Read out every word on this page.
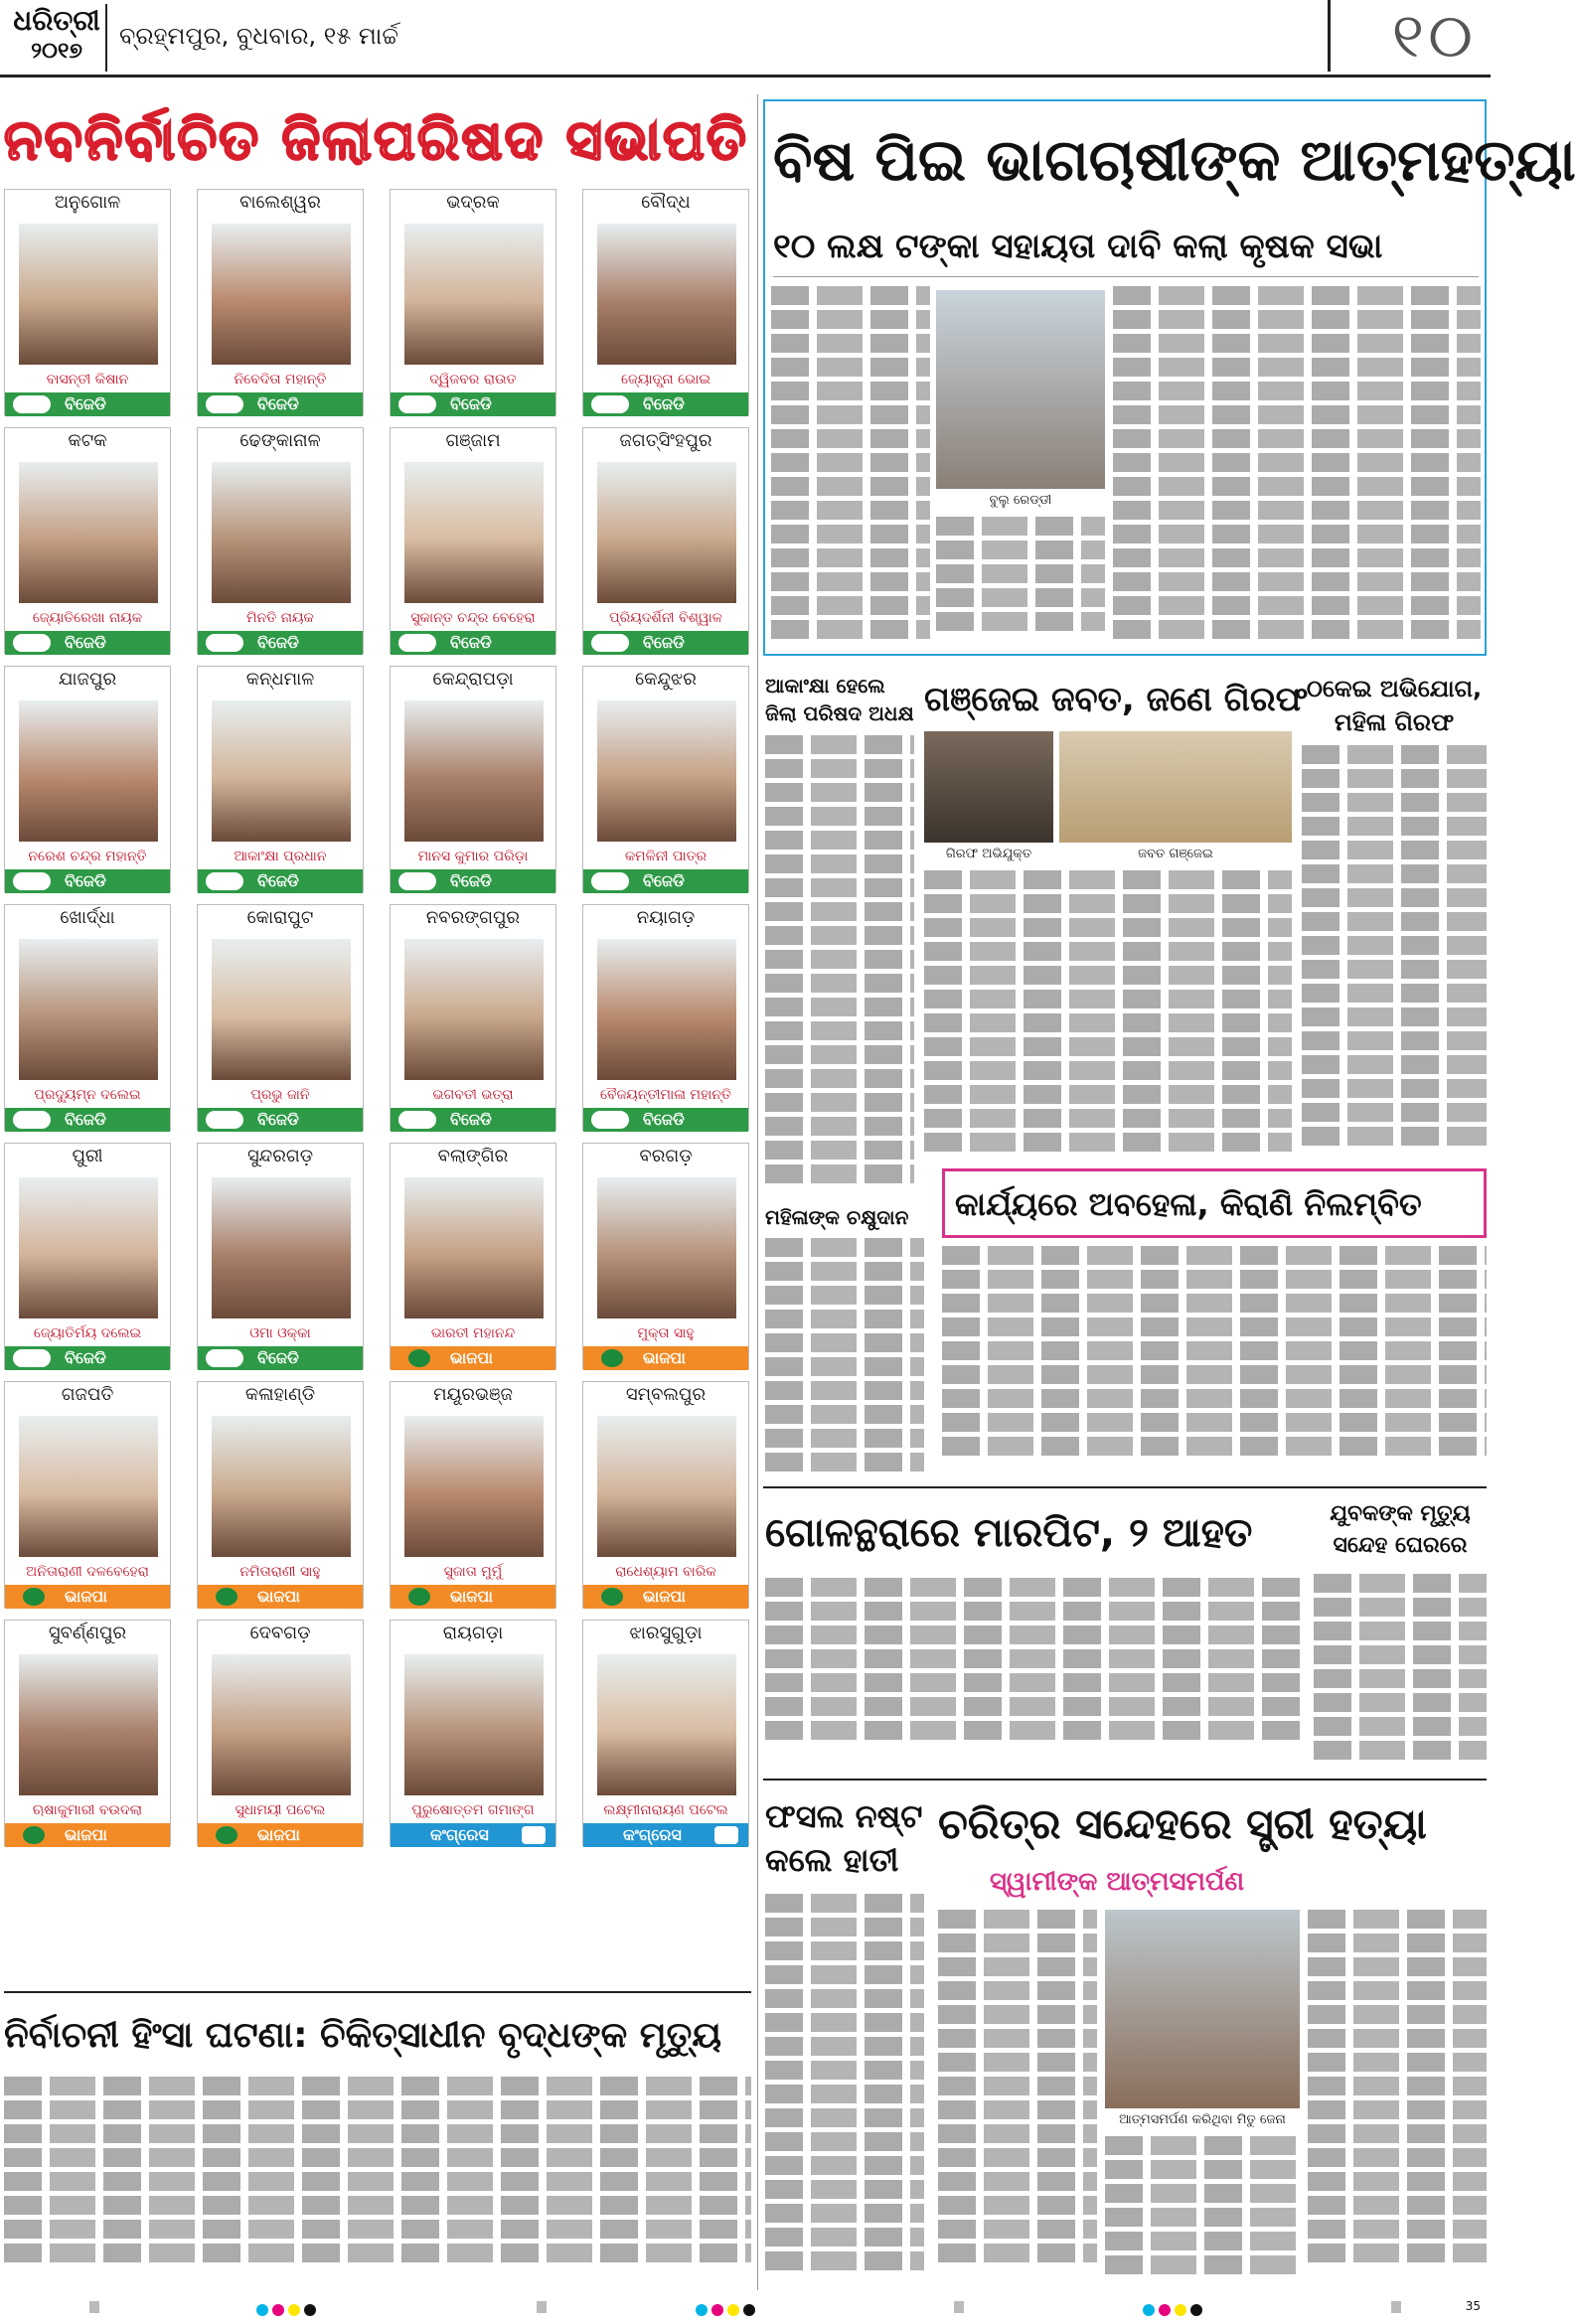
ଧରିତ୍ରୀ
୨୦୧୭
ବ୍ରହ୍ମପୁର, ବୁଧବାର, ୧୫ ମାର୍ଚ୍ଚ	୧୦
ନବନିର୍ବାଚିତ ଜିଲାପରିଷଦ ସଭାପତି
ଅନୁଗୋଳ
ବାସନ୍ତୀ କିଷାନ
ବିଜେଡି
ବାଲେଶ୍ୱର
ନିବେଦିତା ମହାନ୍ତି
ବିଜେଡି
ଭଦ୍ରକ
ଦ୍ୱିଜବର ରାଉତ
ବିଜେଡି
ବୌଦ୍ଧ
ଜ୍ୟୋତ୍ସ୍ନା ଭୋଇ
ବିଜେଡି
କଟକ
ଜ୍ୟୋତିରେଖା ନାୟକ
ବିଜେଡି
ଢେଙ୍କାନାଳ
ମିନତି ନାୟକ
ବିଜେଡି
ଗଞ୍ଜାମ
ସୁକାନ୍ତ ଚନ୍ଦ୍ର ବେହେରା
ବିଜେଡି
ଜଗତ୍‌ସିଂହପୁର
ପ୍ରିୟଦର୍ଶିନୀ ବିଶ୍ୱାଳ
ବିଜେଡି
ଯାଜପୁର
ନରେଶ ଚନ୍ଦ୍ର ମହାନ୍ତି
ବିଜେଡି
କନ୍ଧମାଳ
ଆକାଂକ୍ଷା ପ୍ରଧାନ
ବିଜେଡି
କେନ୍ଦ୍ରାପଡ଼ା
ମାନସ କୁମାର ପରିଡ଼ା
ବିଜେଡି
କେନ୍ଦୁଝର
କମଳିନୀ ପାତ୍ର
ବିଜେଡି
ଖୋର୍ଦ୍ଧା
ପ୍ରଦ୍ୟୁମ୍ନ ଦଲେଇ
ବିଜେଡି
କୋରାପୁଟ
ପ୍ରଭୁ ଜାନି
ବିଜେଡି
ନବରଙ୍ଗପୁର
ଭଗବତୀ ଭତ୍ରା
ବିଜେଡି
ନୟାଗଡ଼
ବୈଜୟନ୍ତୀମାଳା ମହାନ୍ତି
ବିଜେଡି
ପୁରୀ
ଜ୍ୟୋତିର୍ମୟ ଦଲେଇ
ବିଜେଡି
ସୁନ୍ଦରଗଡ଼
ଓମା ଓକ୍କା
ବିଜେଡି
ବଲାଙ୍ଗିର
ଭାରତୀ ମହାନନ୍ଦ
ଭାଜପା
ବରଗଡ଼
ମୁକ୍ତା ସାହୁ
ଭାଜପା
ଗଜପତି
ଅନିତାରାଣୀ ଦଳବେହେରା
ଭାଜପା
କଳାହାଣ୍ଡି
ନମିତାରାଣୀ ସାହୁ
ଭାଜପା
ମୟୂରଭଞ୍ଜ
ସୁଜାତା ମୁର୍ମୁ
ଭାଜପା
ସମ୍ବଲପୁର
ରାଧେଶ୍ୟାମ ବାରିକ
ଭାଜପା
ସୁବର୍ଣ୍ଣପୁର
ଋଷାକୁମାରୀ ବଉଦଲା
ଭାଜପା
ଦେବଗଡ଼
ସୁଧାମୟୀ ପଟେଲ
ଭାଜପା
ରାୟଗଡ଼ା
ପୁରୁଷୋତ୍ତମ ଗମାଙ୍ଗ
କଂଗ୍ରେସ
ଝାରସୁଗୁଡ଼ା
ଲକ୍ଷ୍ମୀନାରାୟଣ ପଟେଲ
କଂଗ୍ରେସ
ନିର୍ବାଚନୀ ହିଂସା ଘଟଣା: ଚିକିତ୍ସାଧୀନ ବୃଦ୍ଧଙ୍କ ମୃତ୍ୟୁ
ବିଷ ପିଇ ଭାଗଚାଷୀଙ୍କ ଆତ୍ମହତ୍ୟା
୧୦ ଲକ୍ଷ ଟଙ୍କା ସହାୟତା ଦାବି କଲା କୃଷକ ସଭା
ବୁଲୁ ରେଡ୍ଡୀ
ଆକାଂକ୍ଷା ହେଲେ ଜିଲା ପରିଷଦ ଅଧକ୍ଷ ଗଞ୍ଜେଇ ଜବତ, ଜଣେ ଗିରଫ
ଗିରଫ ଅଭିଯୁକ୍ତ	ଜବତ ଗଞ୍ଜେଇ
ଠକେଇ ଅଭିଯୋଗ, ମହିଳା ଗିରଫ
ମହିଳାଙ୍କ ଚକ୍ଷୁଦାନ	କାର୍ଯ୍ୟରେ ଅବହେଳା, କିରାଣି ନିଲମ୍ବିତ
ଗୋଳନ୍ଥରାରେ ମାରପିଟ, ୨ ଆହତ	ଯୁବକଙ୍କ ମୃତ୍ୟୁ ସନ୍ଦେହ ଘେରରେ
ଫସଲ ନଷ୍ଟ କଲେ ହାତୀ
ଚରିତ୍ର ସନ୍ଦେହରେ ସ୍ତ୍ରୀ ହତ୍ୟା
ସ୍ୱାମୀଙ୍କ ଆତ୍ମସମର୍ପଣ
ଆତ୍ମସମର୍ପଣ କରିଥିବା ମିତୁ ଜେନା
35
